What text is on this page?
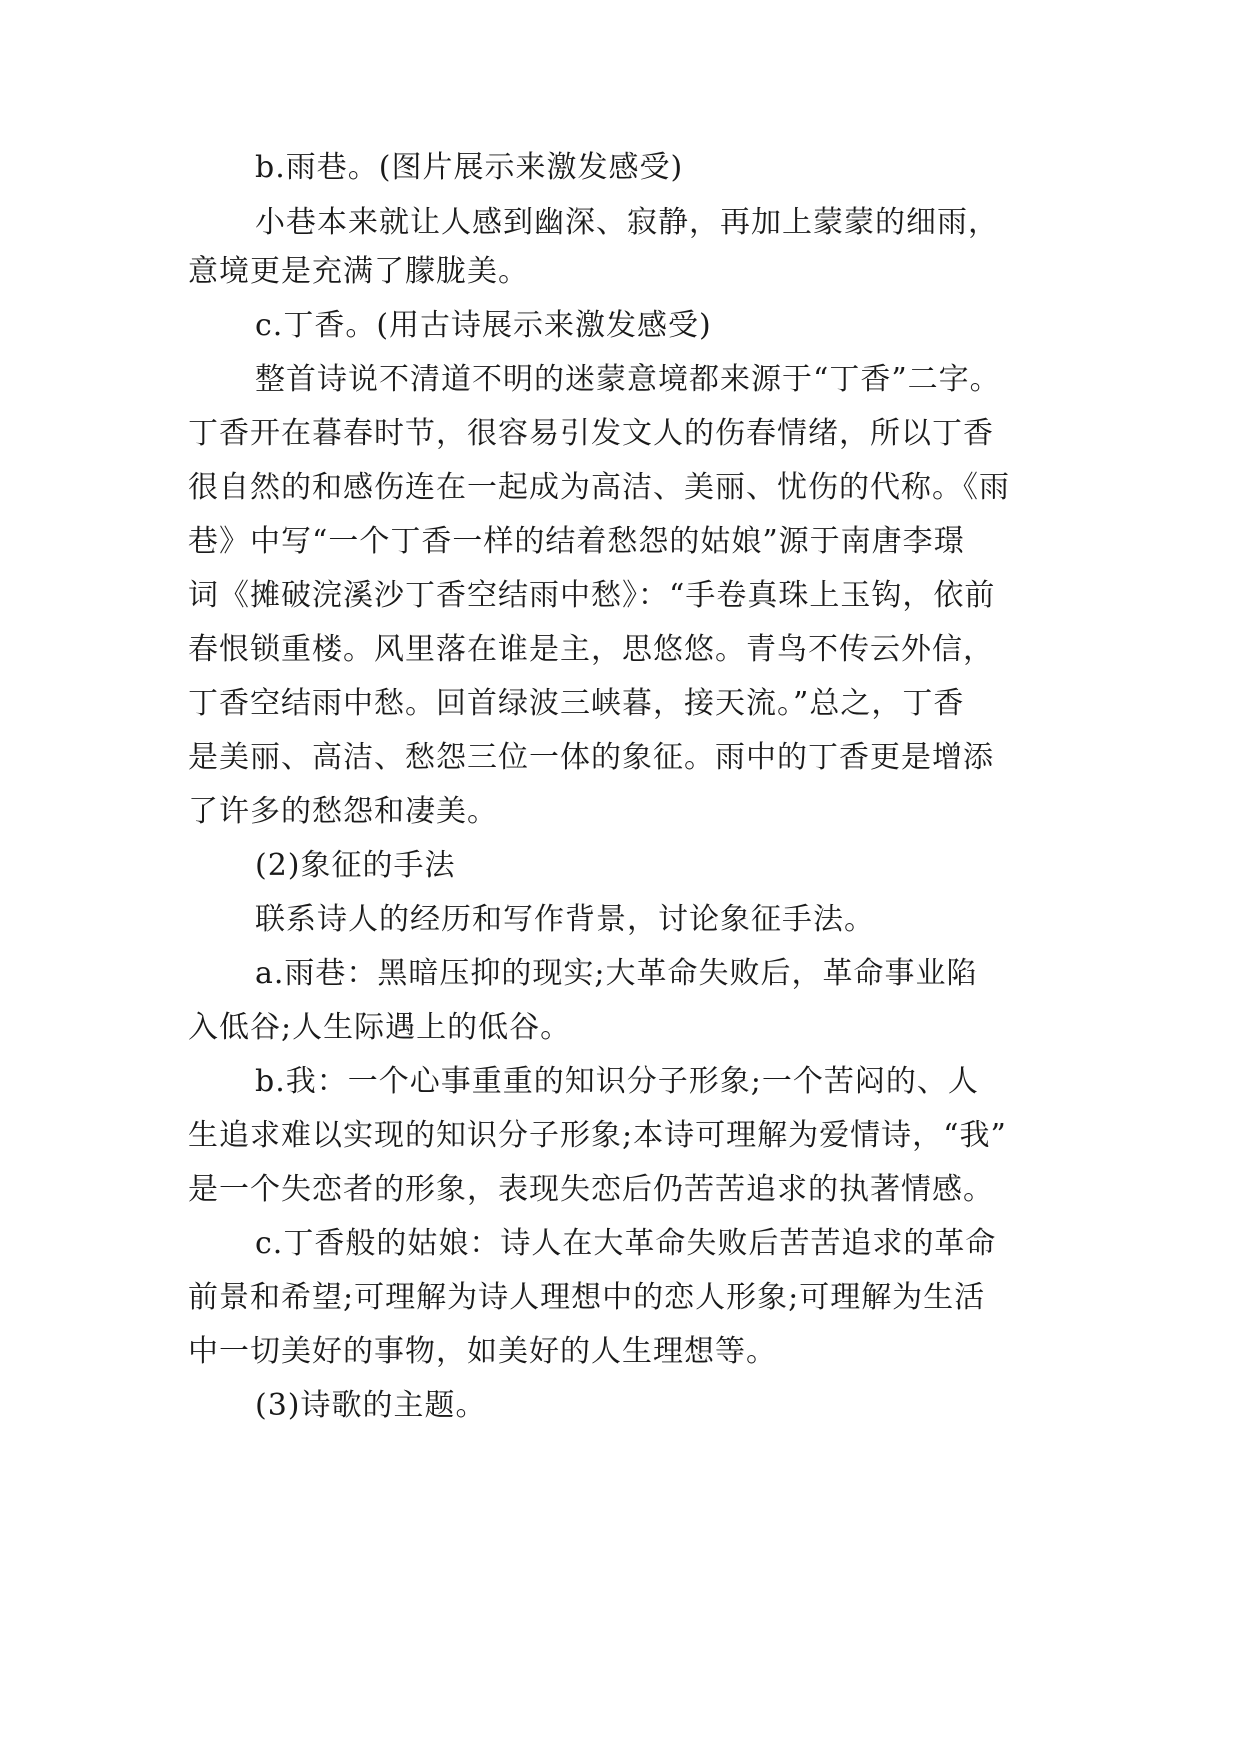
b.雨巷。(图片展示来激发感受)
小巷本来就让人感到幽深、寂静，再加上蒙蒙的细雨，
意境更是充满了朦胧美。
c.丁香。(用古诗展示来激发感受)
整首诗说不清道不明的迷蒙意境都来源于“丁香”二字。
丁香开在暮春时节，很容易引发文人的伤春情绪，所以丁香
很自然的和感伤连在一起成为高洁、美丽、忧伤的代称。《雨
巷》中写“一个丁香一样的结着愁怨的姑娘”源于南唐李璟
词《摊破浣溪沙丁香空结雨中愁》：“手卷真珠上玉钩，依前
春恨锁重楼。风里落在谁是主，思悠悠。青鸟不传云外信，
丁香空结雨中愁。回首绿波三峡暮，接天流。”总之，丁香
是美丽、高洁、愁怨三位一体的象征。雨中的丁香更是增添
了许多的愁怨和凄美。
(2)象征的手法
联系诗人的经历和写作背景，讨论象征手法。
a.雨巷：黑暗压抑的现实;大革命失败后，革命事业陷
入低谷;人生际遇上的低谷。
b.我：一个心事重重的知识分子形象;一个苦闷的、人
生追求难以实现的知识分子形象;本诗可理解为爱情诗，“我”
是一个失恋者的形象，表现失恋后仍苦苦追求的执著情感。
c.丁香般的姑娘：诗人在大革命失败后苦苦追求的革命
前景和希望;可理解为诗人理想中的恋人形象;可理解为生活
中一切美好的事物，如美好的人生理想等。
(3)诗歌的主题。
